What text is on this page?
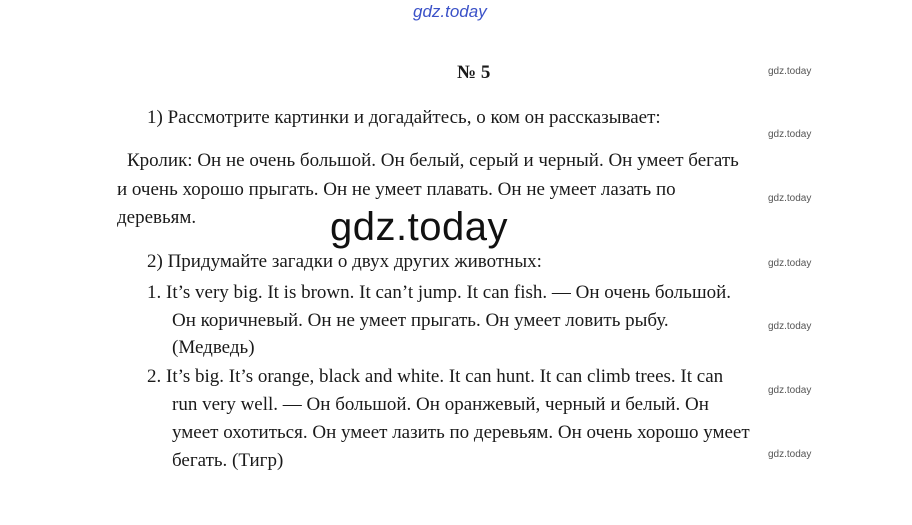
gdz.today
№ 5	gdz.today
gdz.today
gdz.today
gdz.today
gdz.today
gdz.today
gdz.today
1) Рассмотрите картинки и догадайтесь, о ком он рассказывает:
Кролик: Он не очень большой. Он белый, серый и черный. Он умеет бегать
и очень хорошо прыгать. Он не умеет плавать. Он не умеет лазать по
деревьям.
2) Придумайте загадки о двух других животных:
1. It’s very big. It is brown. It can’t jump. It can fish. — Он очень большой.
Он коричневый. Он не умеет прыгать. Он умеет ловить рыбу.
(Медведь)
2. It’s big. It’s orange, black and white. It can hunt. It can climb trees. It can
run very well. — Он большой. Он оранжевый, черный и белый. Он
умеет охотиться. Он умеет лазить по деревьям. Он очень хорошо умеет
бегать. (Тигр)
gdz.today
